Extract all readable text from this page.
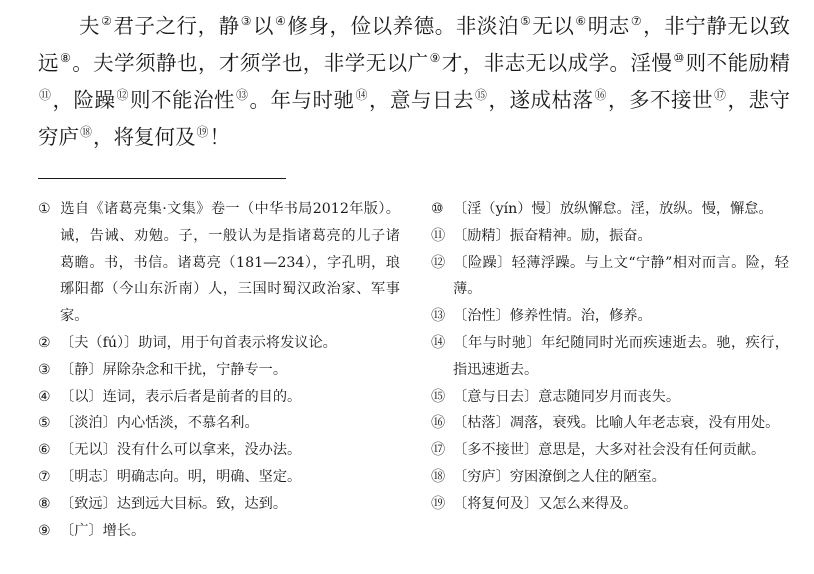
夫②君子之行，静③以④修身，俭以养德。非淡泊⑤无以⑥明志⑦，非宁静无以致远⑧。夫学须静也，才须学也，非学无以广⑨才，非志无以成学。淫慢⑩则不能励精⑪，险躁⑫则不能治性⑬。年与时驰⑭，意与日去⑮，遂成枯落⑯，多不接世⑰，悲守穷庐⑱，将复何及⑲！
① 选自《诸葛亮集·文集》卷一（中华书局2012年版）。诫，告诫、劝勉。子，一般认为是指诸葛亮的儿子诸葛瞻。书，书信。诸葛亮（181—234），字孔明，琅琊阳都（今山东沂南）人，三国时蜀汉政治家、军事家。
② 〔夫（fú）〕助词，用于句首表示将发议论。
③ 〔静〕屏除杂念和干扰，宁静专一。
④ 〔以〕连词，表示后者是前者的目的。
⑤ 〔淡泊〕内心恬淡，不慕名利。
⑥ 〔无以〕没有什么可以拿来，没办法。
⑦ 〔明志〕明确志向。明，明确、坚定。
⑧ 〔致远〕达到远大目标。致，达到。
⑨ 〔广〕增长。
⑩ 〔淫（yín）慢〕放纵懈怠。淫，放纵。慢，懈怠。
⑪ 〔励精〕振奋精神。励，振奋。
⑫ 〔险躁〕轻薄浮躁。与上文“宁静”相对而言。险，轻薄。
⑬ 〔治性〕修养性情。治，修养。
⑭ 〔年与时驰〕年纪随同时光而疾速逝去。驰，疾行，指迅速逝去。
⑮ 〔意与日去〕意志随同岁月而丧失。
⑯ 〔枯落〕凋落，衰残。比喻人年老志衰，没有用处。
⑰ 〔多不接世〕意思是，大多对社会没有任何贡献。
⑱ 〔穷庐〕穷困潦倒之人住的陋室。
⑲ 〔将复何及〕又怎么来得及。
